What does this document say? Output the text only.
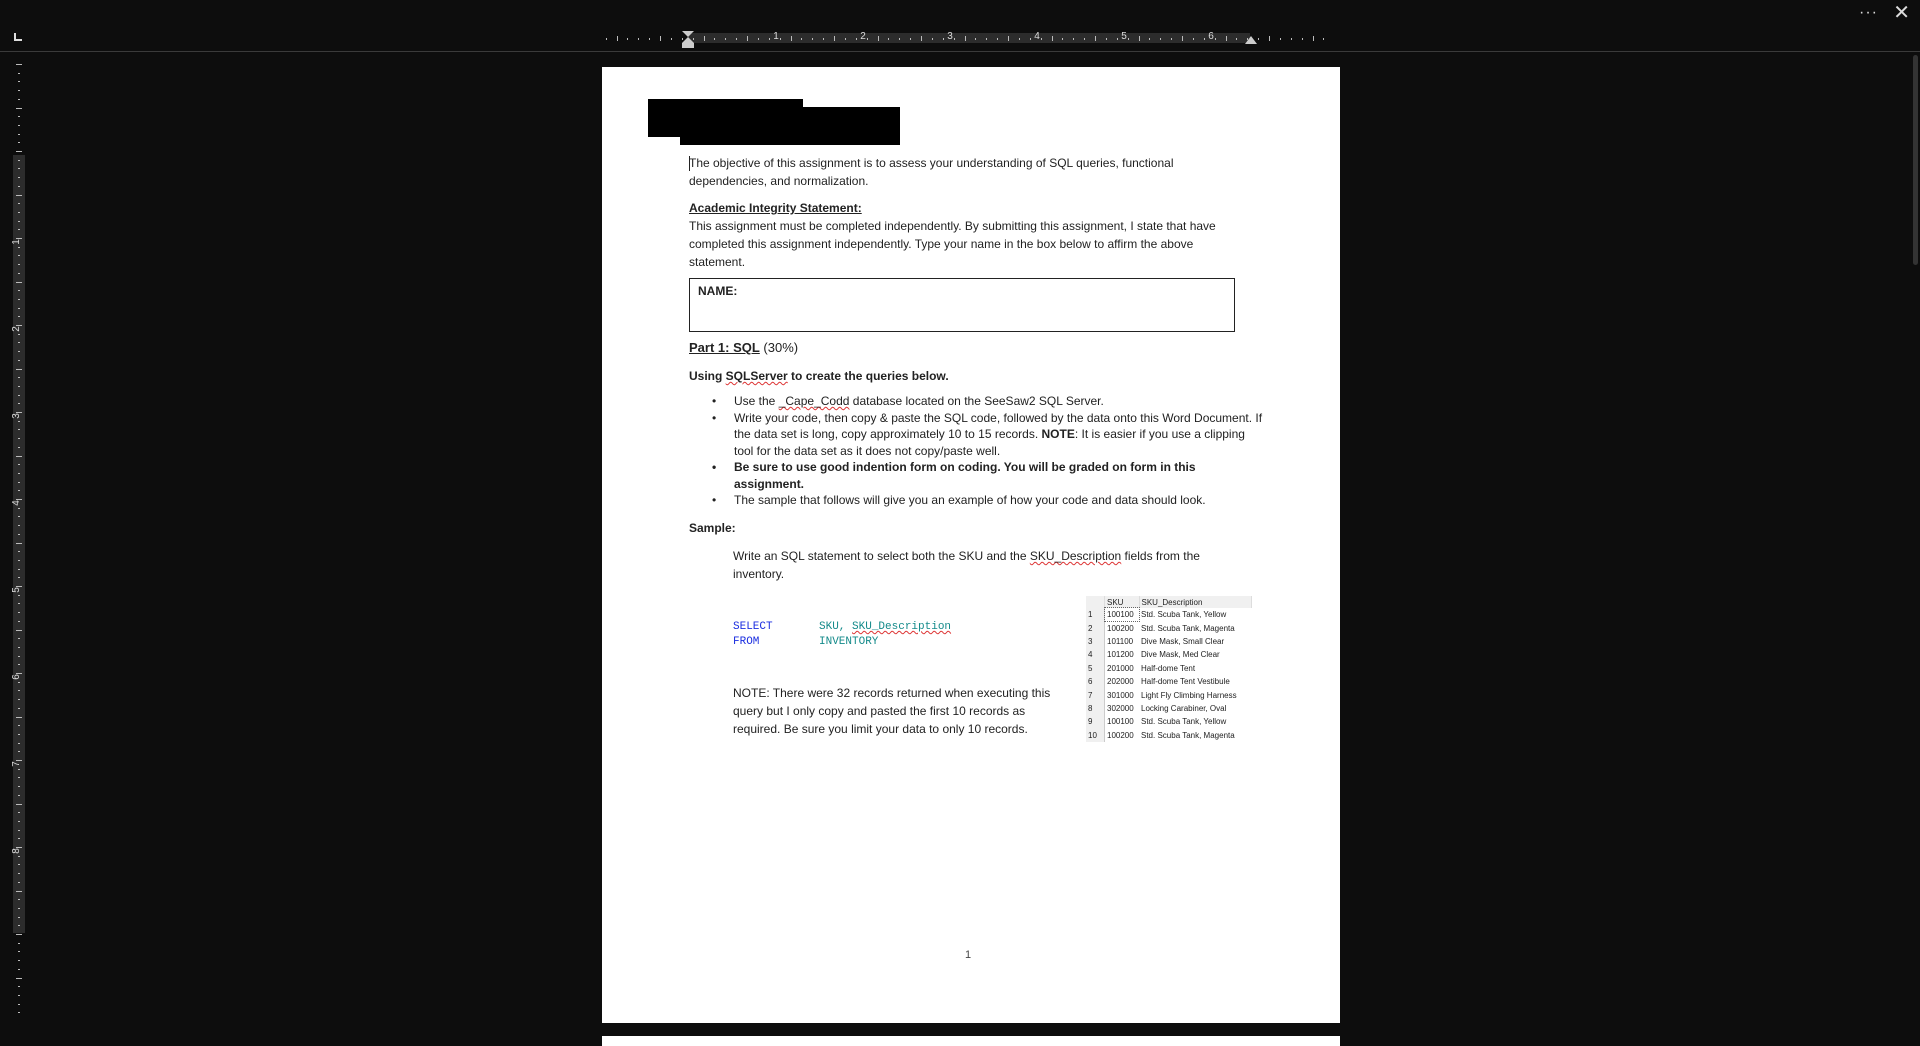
··· ✕
1	2	3	4	5	6
1
2
3
4
5
6
7
8
The objective of this assignment is to assess your understanding of SQL queries, functional dependencies, and normalization.
Academic Integrity Statement:
This assignment must be completed independently. By submitting this assignment, I state that have completed this assignment independently. Type your name in the box below to affirm the above statement.
NAME:
Part 1: SQL (30%)
Using SQLServer to create the queries below.
• Use the _Cape_Codd database located on the SeeSaw2 SQL Server.
• Write your code, then copy & paste the SQL code, followed by the data onto this Word Document. If the data set is long, copy approximately 10 to 15 records. NOTE: It is easier if you use a clipping tool for the data set as it does not copy/paste well.
• Be sure to use good indention form on coding. You will be graded on form in this assignment.
• The sample that follows will give you an example of how your code and data should look.
Sample:
Write an SQL statement to select both the SKU and the SKU_Description fields from the inventory.
SELECT	SKU, SKU_Description
FROM	INVENTORY
NOTE: There were 32 records returned when executing this query but I only copy and pasted the first 10 records as required. Be sure you limit your data to only 10 records.
	SKU	SKU_Description
1	100100	Std. Scuba Tank, Yellow
2	100200	Std. Scuba Tank, Magenta
3	101100	Dive Mask, Small Clear
4	101200	Dive Mask, Med Clear
5	201000	Half-dome Tent
6	202000	Half-dome Tent Vestibule
7	301000	Light Fly Climbing Harness
8	302000	Locking Carabiner, Oval
9	100100	Std. Scuba Tank, Yellow
10	100200	Std. Scuba Tank, Magenta
1
